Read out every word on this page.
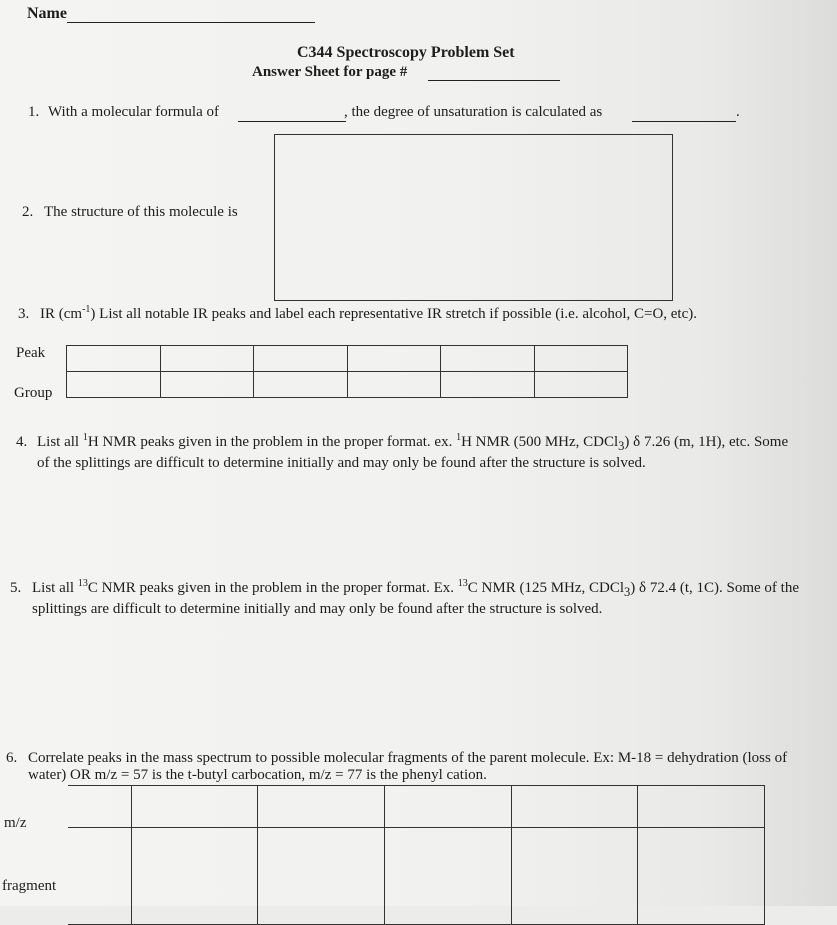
Name
C344 Spectroscopy Problem Set
Answer Sheet for page #
1. With a molecular formula of	, the degree of unsaturation is calculated as	.
2. The structure of this molecule is
3. IR $(cm^{-1})$ List all notable IR peaks and label each representative IR stretch if possible (i.e. alcohol, C=O, etc).
Peak
Group

4. List all $^1$H NMR peaks given in the problem in the proper format. ex. $^1$H NMR (500 MHz, CDCl$_3$) δ 7.26 (m, 1H), etc. Some of the splittings are difficult to determine initially and may only be found after the structure is solved.
5. List all $^{13}$C NMR peaks given in the problem in the proper format. Ex. $^{13}$C NMR (125 MHz, CDCl$_3$) δ 72.4 (t, 1C). Some of the splittings are difficult to determine initially and may only be found after the structure is solved.
6. Correlate peaks in the mass spectrum to possible molecular fragments of the parent molecule. Ex: M-18 = dehydration (loss of water) OR m/z = 57 is the t-butyl carbocation, m/z = 77 is the phenyl cation.
m/z
fragment
